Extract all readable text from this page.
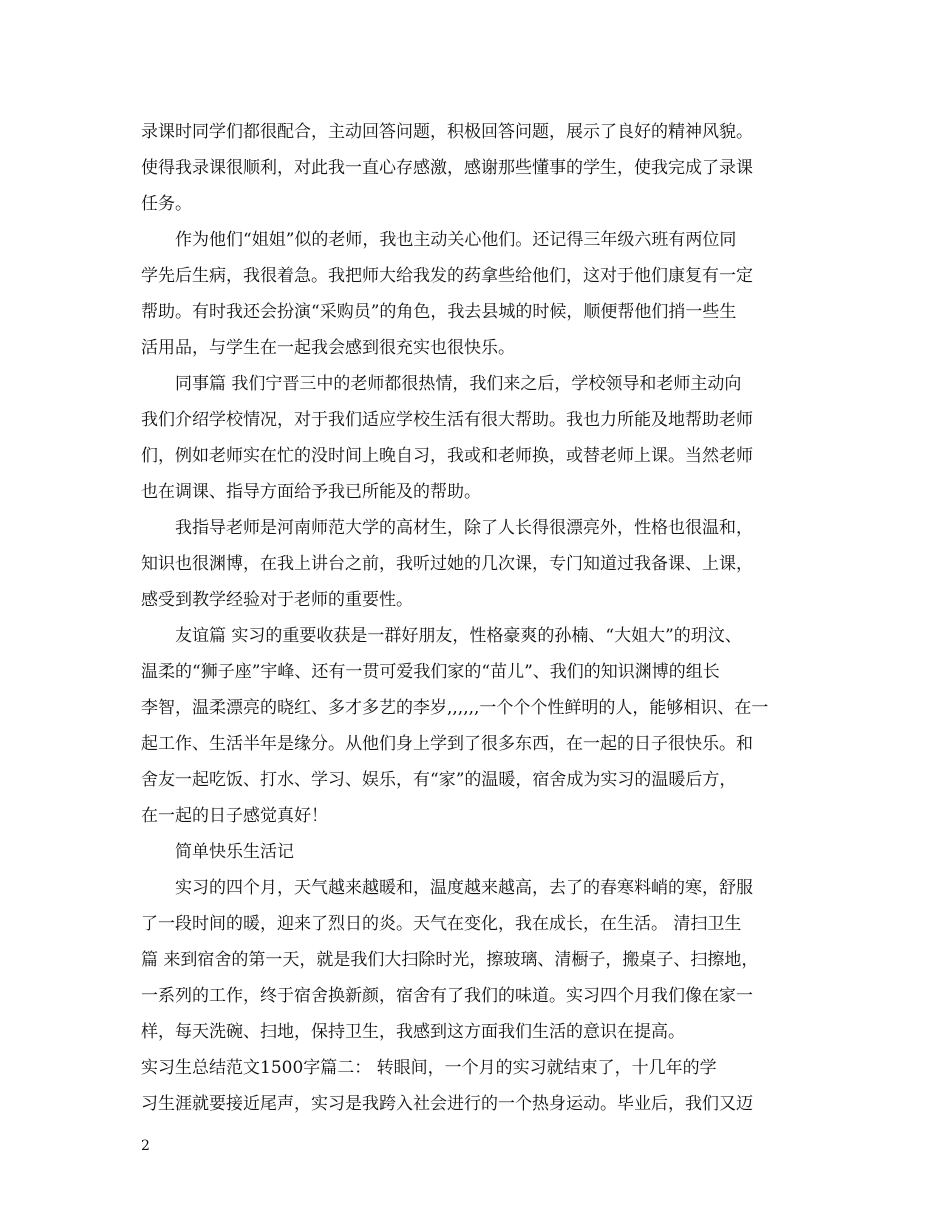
录课时同学们都很配合，主动回答问题，积极回答问题，展示了良好的精神风貌。
使得我录课很顺利，对此我一直心存感激，感谢那些懂事的学生，使我完成了录课
任务。
作为他们“姐姐”似的老师，我也主动关心他们。还记得三年级六班有两位同
学先后生病，我很着急。我把师大给我发的药拿些给他们，这对于他们康复有一定
帮助。有时我还会扮演“采购员”的角色，我去县城的时候，顺便帮他们捎一些生
活用品，与学生在一起我会感到很充实也很快乐。
同事篇 我们宁晋三中的老师都很热情，我们来之后，学校领导和老师主动向
我们介绍学校情况，对于我们适应学校生活有很大帮助。我也力所能及地帮助老师
们，例如老师实在忙的没时间上晚自习，我或和老师换，或替老师上课。当然老师
也在调课、指导方面给予我已所能及的帮助。
我指导老师是河南师范大学的高材生，除了人长得很漂亮外，性格也很温和，
知识也很渊博，在我上讲台之前，我听过她的几次课，专门知道过我备课、上课，
感受到教学经验对于老师的重要性。
友谊篇 实习的重要收获是一群好朋友，性格豪爽的孙楠、“大姐大”的玥汶、
温柔的“狮子座”宇峰、还有一贯可爱我们家的“苗儿”、我们的知识渊博的组长
李智，温柔漂亮的晓红、多才多艺的李岁,,,,,,一个个个性鲜明的人，能够相识、在一
起工作、生活半年是缘分。从他们身上学到了很多东西，在一起的日子很快乐。和
舍友一起吃饭、打水、学习、娱乐，有“家”的温暖，宿舍成为实习的温暖后方，
在一起的日子感觉真好！
简单快乐生活记
实习的四个月，天气越来越暖和，温度越来越高，去了的春寒料峭的寒，舒服
了一段时间的暖，迎来了烈日的炎。天气在变化，我在成长，在生活。 清扫卫生
篇 来到宿舍的第一天，就是我们大扫除时光，擦玻璃、清橱子，搬桌子、扫擦地，
一系列的工作，终于宿舍换新颜，宿舍有了我们的味道。实习四个月我们像在家一
样，每天洗碗、扫地，保持卫生，我感到这方面我们生活的意识在提高。
实习生总结范文1500字篇二： 转眼间，一个月的实习就结束了，十几年的学
习生涯就要接近尾声，实习是我跨入社会进行的一个热身运动。毕业后，我们又迈
2
